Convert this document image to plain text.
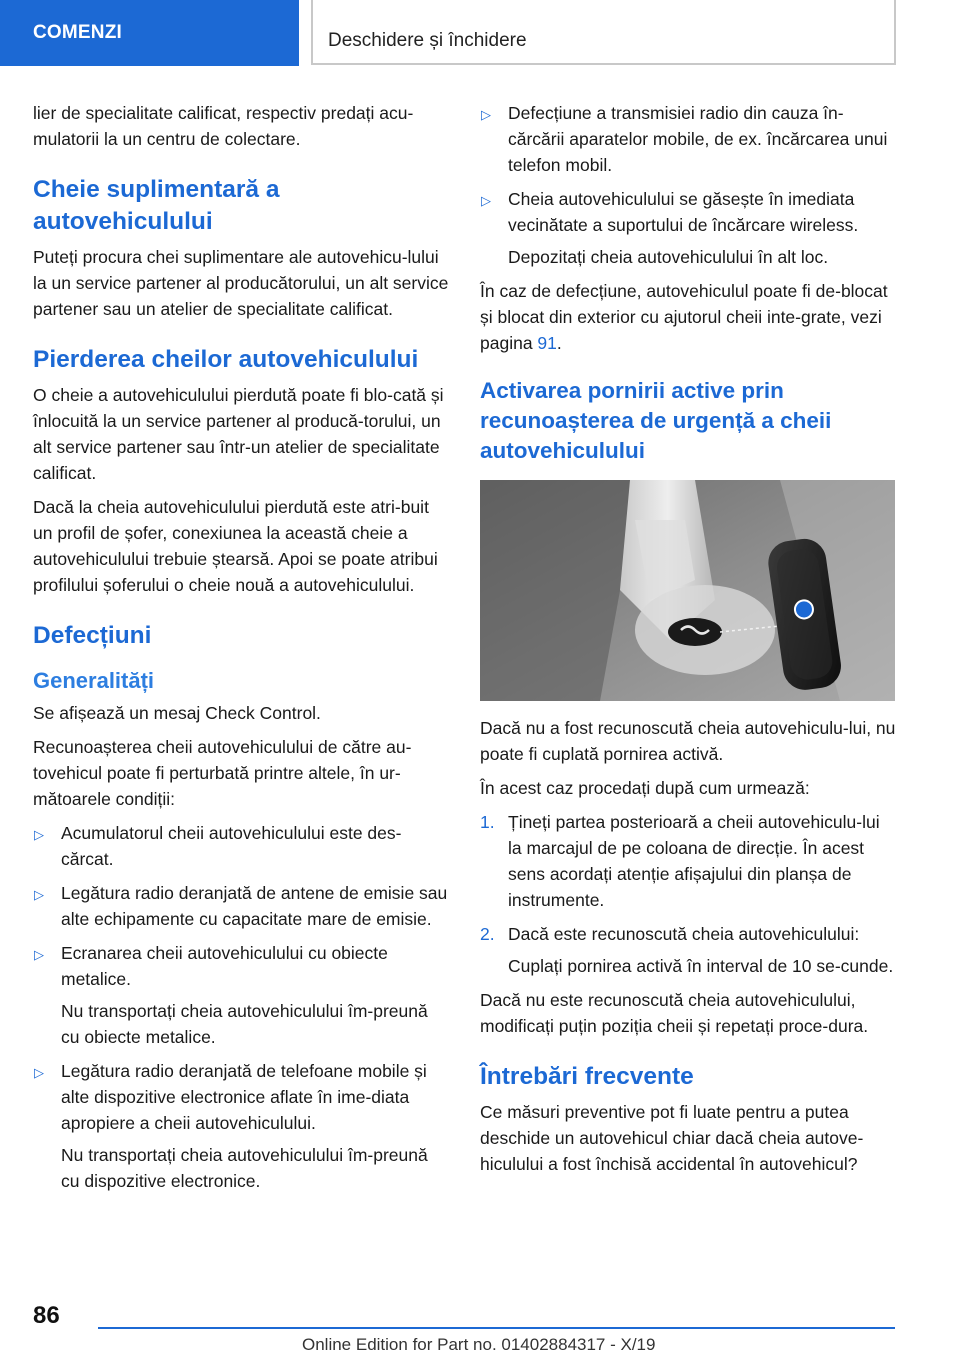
COMENZI	Deschidere și închidere

lier de specialitate calificat, respectiv predați acu-mulatorii la un centru de colectare.

Cheie suplimentară a autovehiculului

Puteți procura chei suplimentare ale autovehicu-lului la un service partener al producătorului, un alt service partener sau un atelier de specialitate calificat.

Pierderea cheilor autovehiculului

O cheie a autovehiculului pierdută poate fi blo-cată și înlocuită la un service partener al producă-torului, un alt service partener sau într-un atelier de specialitate calificat.

Dacă la cheia autovehiculului pierdută este atri-buit un profil de șofer, conexiunea la această cheie a autovehiculului trebuie ștearsă. Apoi se poate atribui profilului șoferului o cheie nouă a autovehiculului.

Defecțiuni
Generalități

Se afișează un mesaj Check Control.

Recunoașterea cheii autovehiculului de către au-tovehicul poate fi perturbată printre altele, în ur-mătoarele condiții:

▷ Acumulatorul cheii autovehiculului este des-cărcat.

▷ Legătura radio deranjată de antene de emisie sau alte echipamente cu capacitate mare de emisie.

▷ Ecranarea cheii autovehiculului cu obiecte metalice.

Nu transportați cheia autovehiculului îm-preună cu obiecte metalice.

▷ Legătura radio deranjată de telefoane mobile și alte dispozitive electronice aflate în ime-diata apropiere a cheii autovehiculului.

Nu transportați cheia autovehiculului îm-preună cu dispozitive electronice.

▷ Defecțiune a transmisiei radio din cauza în-cărcării aparatelor mobile, de ex. încărcarea unui telefon mobil.

▷ Cheia autovehiculului se găsește în imediata vecinătate a suportului de încărcare wireless.

Depozitați cheia autovehiculului în alt loc.

În caz de defecțiune, autovehiculul poate fi de-blocat și blocat din exterior cu ajutorul cheii inte-grate, vezi pagina 91.

Activarea pornirii active prin recunoașterea de urgență a cheii autovehiculului

Dacă nu a fost recunoscută cheia autovehiculu-lui, nu poate fi cuplată pornirea activă.

În acest caz procedați după cum urmează:

1. Țineți partea posterioară a cheii autovehiculu-lui la marcajul de pe coloana de direcție. În acest sens acordați atenție afișajului din planșa de instrumente.

2. Dacă este recunoscută cheia autovehiculului:

Cuplați pornirea activă în interval de 10 se-cunde.

Dacă nu este recunoscută cheia autovehiculului, modificați puțin poziția cheii și repetați proce-dura.

Întrebări frecvente

Ce măsuri preventive pot fi luate pentru a putea deschide un autovehicul chiar dacă cheia autove-hiculului a fost închisă accidental în autovehicul?

86
Online Edition for Part no. 01402884317 - X/19
